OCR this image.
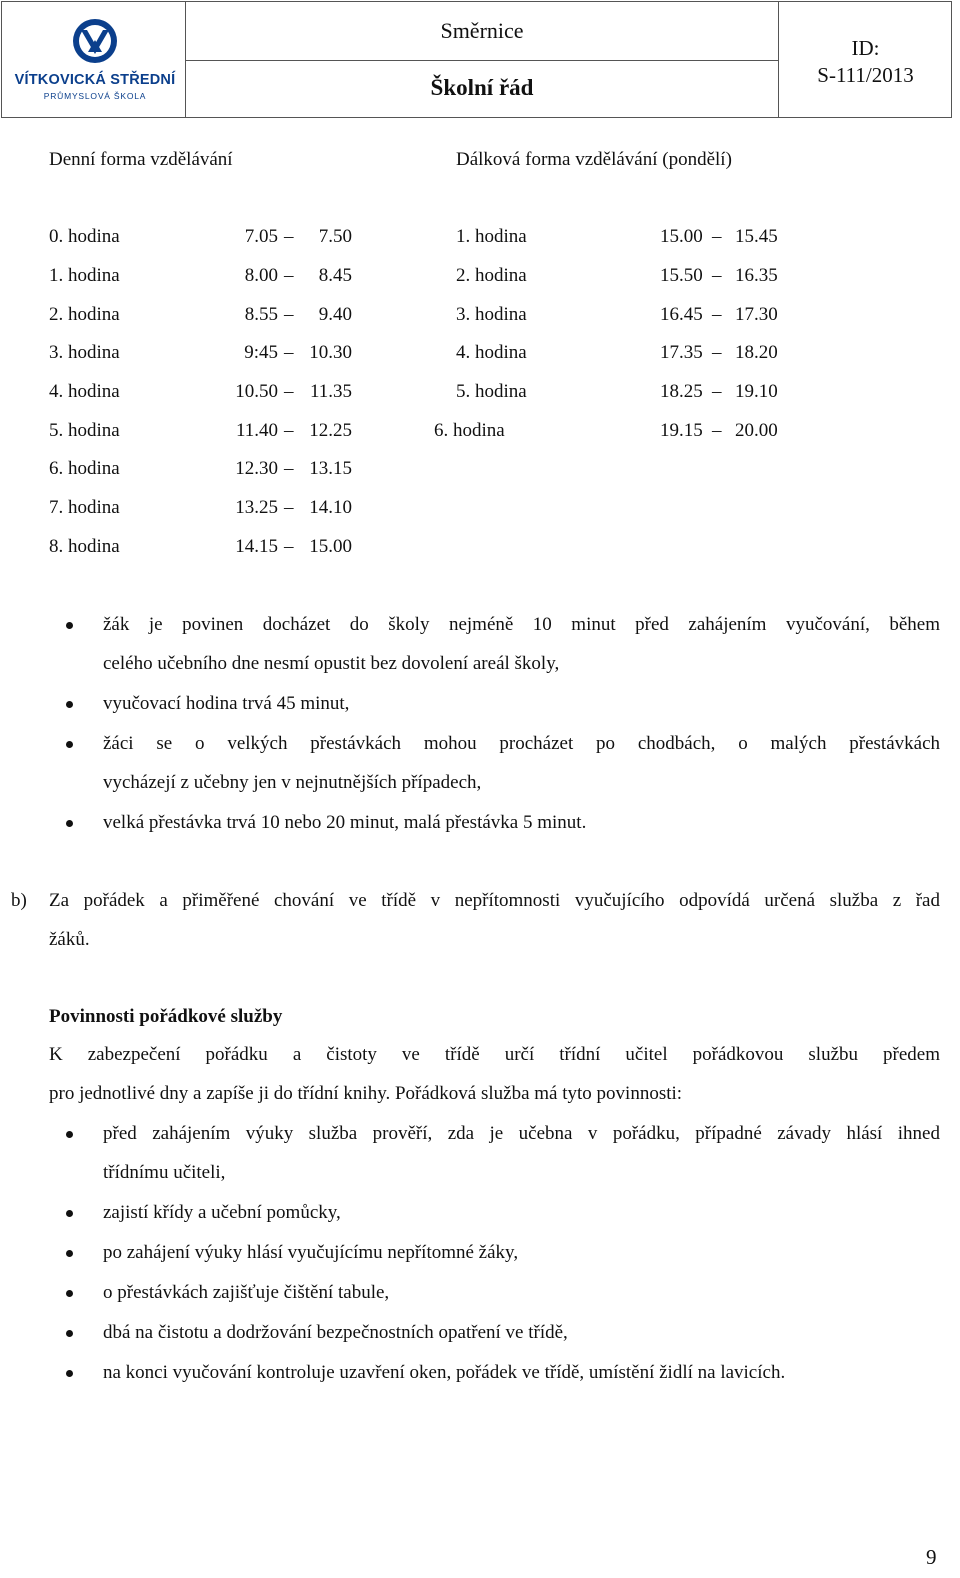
VÍTKOVICKÁ STŘEDNÍ
PRŮMYSLOVÁ ŠKOLA
Směrnice
Školní řád
ID:
S-111/2013
Denní forma vzdělávání	Dálková forma vzdělávání (pondělí)
0. hodina	7.05 –	7.50
1. hodina	8.00 –	8.45
2. hodina	8.55 –	9.40
3. hodina	9:45 – 10.30
4. hodina	10.50 – 11.35
5. hodina	11.40 – 12.25
6. hodina	12.30 – 13.15
7. hodina	13.25 – 14.10
8. hodina	14.15 – 15.00
1. hodina	15.00 – 15.45
2. hodina	15.50 – 16.35
3. hodina	16.45 – 17.30
4. hodina	17.35 – 18.20
5. hodina	18.25 – 19.10
6. hodina	19.15 – 20.00
žák je povinen docházet do školy nejméně 10 minut před zahájením vyučování, během
celého učebního dne nesmí opustit bez dovolení areál školy,
vyučovací hodina trvá 45 minut,
žáci se o velkých přestávkách mohou procházet po chodbách, o malých přestávkách
vycházejí z učebny jen v nejnutnějších případech,
velká přestávka trvá 10 nebo 20 minut, malá přestávka 5 minut.
b) Za pořádek a přiměřené chování ve třídě v nepřítomnosti vyučujícího odpovídá určená služba z řad
žáků.
Povinnosti pořádkové služby
K zabezpečení pořádku a čistoty ve třídě určí třídní učitel pořádkovou službu předem
pro jednotlivé dny a zapíše ji do třídní knihy. Pořádková služba má tyto povinnosti:
před zahájením výuky služba prověří, zda je učebna v pořádku, případné závady hlásí ihned
třídnímu učiteli,
zajistí křídy a učební pomůcky,
po zahájení výuky hlásí vyučujícímu nepřítomné žáky,
o přestávkách zajišťuje čištění tabule,
dbá na čistotu a dodržování bezpečnostních opatření ve třídě,
na konci vyučování kontroluje uzavření oken, pořádek ve třídě, umístění židlí na lavicích.
9
